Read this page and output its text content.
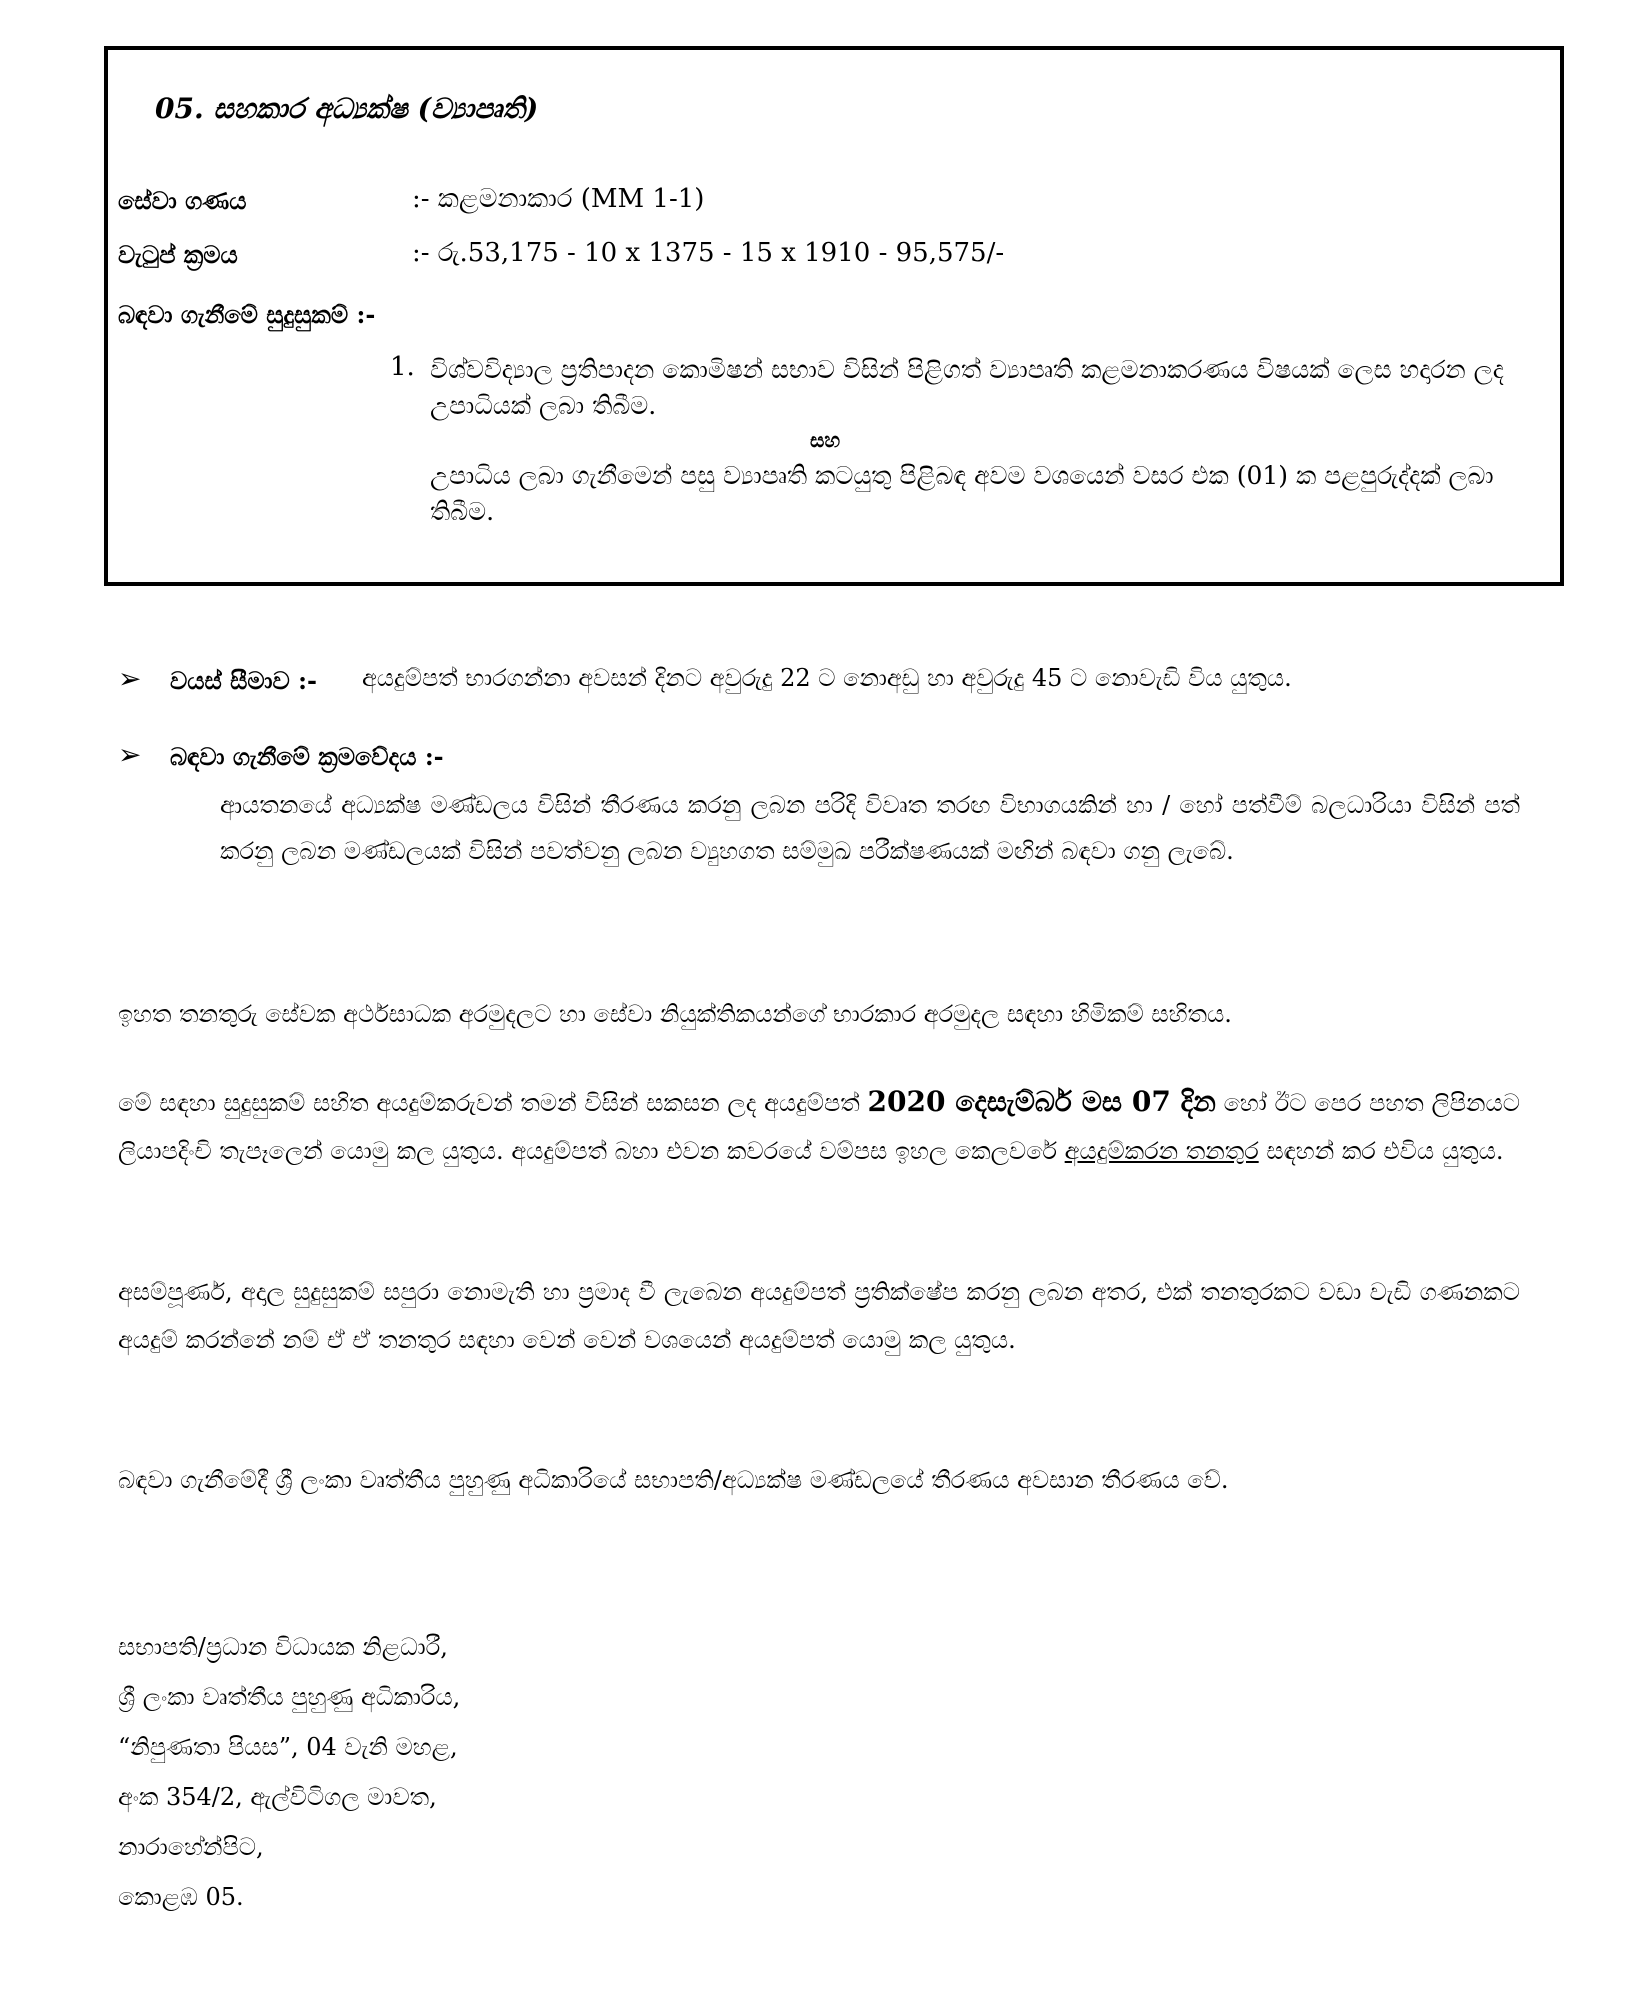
05. සහකාර අධ්‍යක්ෂ (ව්‍යාපෘති)
සේවා ගණය	:- කළමනාකාර (MM 1-1)
වැටුප් ක්‍රමය	:- රු.53,175 - 10 x 1375 - 15 x 1910 - 95,575/-
බඳවා ගැනීමේ සුදුසුකම් :-
1. විශ්වවිද්‍යාල ප්‍රතිපාදන කොමිෂන් සභාව විසින් පිළිගත් ව්‍යාපෘති කළමනාකරණය විෂයක් ලෙස හදාරන ලද උපාධියක් ලබා තිබීම.
සහ
උපාධිය ලබා ගැනීමෙන් පසු ව්‍යාපෘති කටයුතු පිළිබඳ අවම වශයෙන් වසර එක (01) ක පළපුරුද්දක් ලබා තිබීම.
➢ වයස් සීමාව :- අයදුම්පත් භාරගන්නා අවසන් දිනට අවුරුදු 22 ට නොඅඩු හා අවුරුදු 45 ට නොවැඩි විය යුතුය.
➢ බඳවා ගැනීමේ ක්‍රමවේදය :-
ආයතනයේ අධ්‍යක්ෂ මණ්ඩලය විසින් තීරණය කරනු ලබන පරිදි විවෘත තරඟ විභාගයකින් හා / හෝ පත්වීම් බලධාරියා විසින් පත් කරනු ලබන මණ්ඩලයක් විසින් පවත්වනු ලබන ව්‍යුහගත සම්මුඛ පරීක්ෂණයක් මඟින් බඳවා ගනු ලැබේ.
ඉහත තනතුරු සේවක අර්ථසාධක අරමුදලට හා සේවා නියුක්තිකයන්ගේ භාරකාර අරමුදල සඳහා හිමිකම් සහිතය.
මේ සඳහා සුදුසුකම් සහිත අයදුම්කරුවන් තමන් විසින් සකසන ලද අයදුම්පත් 2020 දෙසැම්බර් මස 07 දින හෝ ඊට පෙර පහත ලිපිනයට ලියාපදිංචි තැපෑලෙන් යොමු කල යුතුය. අයදුම්පත් බහා එවන කවරයේ වම්පස ඉහල කෙලවරේ අයදුම්කරන තනතුර සඳහන් කර එවිය යුතුය.
අසම්පූර්ණ, අදාල සුදුසුකම් සපුරා නොමැති හා ප්‍රමාද වී ලැබෙන අයදුම්පත් ප්‍රතික්ෂේප කරනු ලබන අතර, එක් තනතුරකට වඩා වැඩි ගණනකට අයදුම් කරන්නේ නම් ඒ ඒ තනතුර සඳහා වෙන් වෙන් වශයෙන් අයදුම්පත් යොමු කල යුතුය.
බඳවා ගැනීමේදී ශ්‍රී ලංකා වෘත්තීය පුහුණු අධිකාරියේ සභාපති/අධ්‍යක්ෂ මණ්ඩලයේ තීරණය අවසාන තීරණය වේ.
සභාපති/ප්‍රධාන විධායක නිළධාරී,
ශ්‍රී ලංකා වෘත්තීය පුහුණු අධිකාරිය,
“නිපුණතා පියස”, 04 වැනි මහළ,
අංක 354/2, ඇල්විටිගල මාවත,
නාරාහේන්පිට,
කොළඹ 05.
